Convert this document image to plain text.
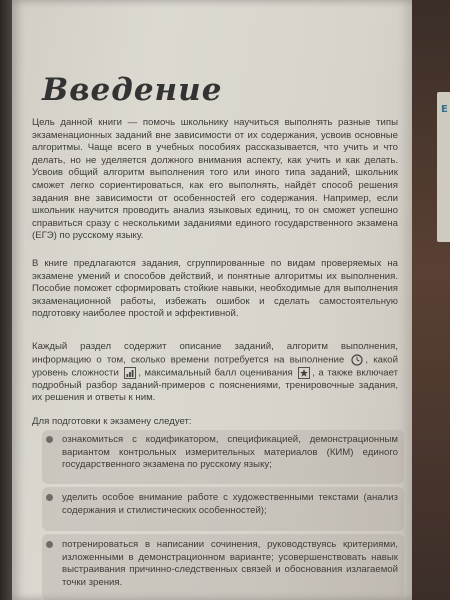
Е
Введение
Цель данной книги — помочь школьнику научиться выполнять разные типы экзаменационных заданий вне зависимости от их содержания, усвоив основные алгоритмы. Чаще всего в учебных пособиях рассказывается, что учить и что делать, но не уделяется должного внимания аспекту, как учить и как делать. Усвоив общий алгоритм выполнения того или иного типа заданий, школьник сможет легко сориентироваться, как его выполнять, найдёт способ решения задания вне зависимости от особенностей его содержания. Например, если школьник научится проводить анализ языковых единиц, то он сможет успешно справиться сразу с несколькими заданиями единого государственного экзамена (ЕГЭ) по русскому языку.
В книге предлагаются задания, сгруппированные по видам проверяемых на экзамене умений и способов действий, и понятные алгоритмы их выполнения. Пособие поможет сформировать стойкие навыки, необходимые для выполнения экзаменационной работы, избежать ошибок и сделать самостоятельную подготовку наиболее простой и эффективной.
Каждый раздел содержит описание заданий, алгоритм выполнения, информацию о том, сколько времени потребуется на выполнение , какой уровень сложности , максимальный балл оценивания , а также включает подробный разбор заданий-примеров с пояснениями, тренировочные задания, их решения и ответы к ним.
Для подготовки к экзамену следует:
ознакомиться с кодификатором, спецификацией, демонстрационным вариантом контрольных измерительных материалов (КИМ) единого государственного экзамена по русскому языку;
уделить особое внимание работе с художественными текстами (анализ содержания и стилистических особенностей);
потренироваться в написании сочинения, руководствуясь критериями, изложенными в демонстрационном варианте; усовершенствовать навык выстраивания причинно-следственных связей и обоснования излагаемой точки зрения.
